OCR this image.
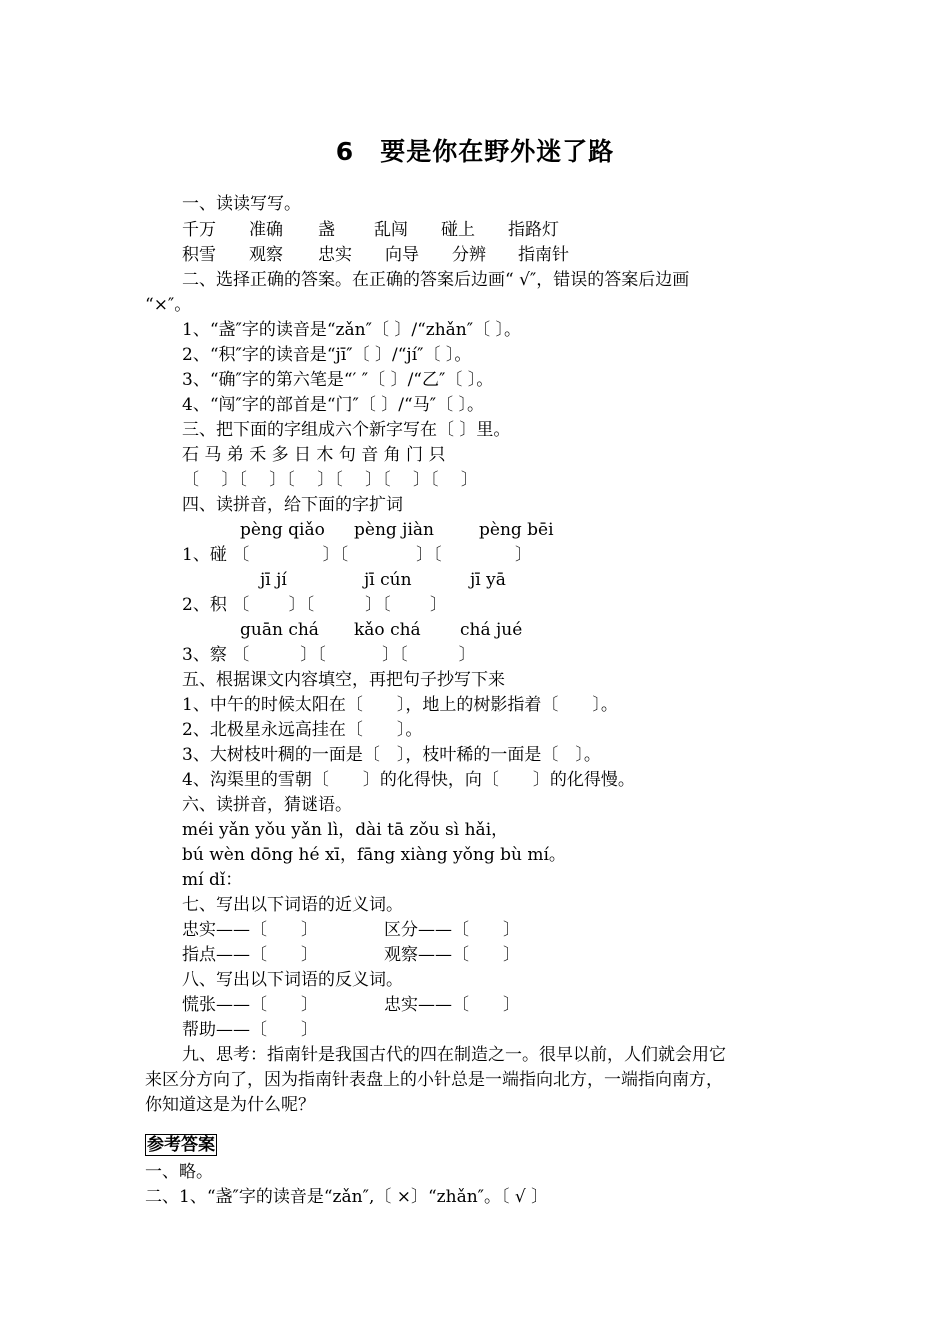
6　要是你在野外迷了路
一、读读写写。
千万 准确 盏 乱闯 碰上 指路灯
积雪 观察 忠实 向导 分辨 指南针
二、选择正确的答案。在正确的答案后边画“ √″，错误的答案后边画
“×″。
1、“盏″字的读音是“zǎn″〔 〕/“zhǎn″〔 〕。
2、“积″字的读音是“jī″〔 〕/“jí″〔 〕。
3、“确″字的第六笔是“′ ″〔 〕/“乙″〔 〕。
4、“闯″字的部首是“门″〔 〕/“马″〔 〕。
三、把下面的字组成六个新字写在〔 〕里。
石 马 弟 禾 多 日 木 句 音 角 门 只
〔　 〕〔　 〕〔　 〕〔　 〕〔　 〕〔　 〕
四、读拼音，给下面的字扩词
pèng qiǎo pèng jiàn	pèng bēi
1、碰 〔　　　　 〕〔　　　　〕〔　　　　 〕
jī jí	jī cún	jī yā
2、积 〔　　 〕〔　　　〕〔　　 〕
guān chá kǎo chá chá jué
3、察 〔　　　〕〔　　　 〕〔　　　〕
五、根据课文内容填空，再把句子抄写下来
1、中午的时候太阳在〔　　〕，地上的树影指着〔　　〕。
2、北极星永远高挂在〔　　〕。
3、大树枝叶稠的一面是〔　〕，枝叶稀的一面是〔　〕。
4、沟渠里的雪朝〔　　〕的化得快，向〔　　〕的化得慢。
六、读拼音，猜谜语。
méi yǎn yǒu yǎn lì，dài tā zǒu sì hǎi，
bú wèn dōng hé xī，fāng xiàng yǒng bù mí。
mí dǐ：
七、写出以下词语的近义词。
忠实——〔　　〕	区分——〔　　〕
指点——〔　　〕	观察——〔　　〕
八、写出以下词语的反义词。
慌张——〔　　〕	忠实——〔　　〕
帮助——〔　　〕
九、思考：指南针是我国古代的四在制造之一。很早以前，人们就会用它
来区分方向了，因为指南针表盘上的小针总是一端指向北方，一端指向南方，
你知道这是为什么呢？
参考答案
一、略。
二、1、“盏″字的读音是“zǎn″,〔 ×〕“zhǎn″。〔 √ 〕
